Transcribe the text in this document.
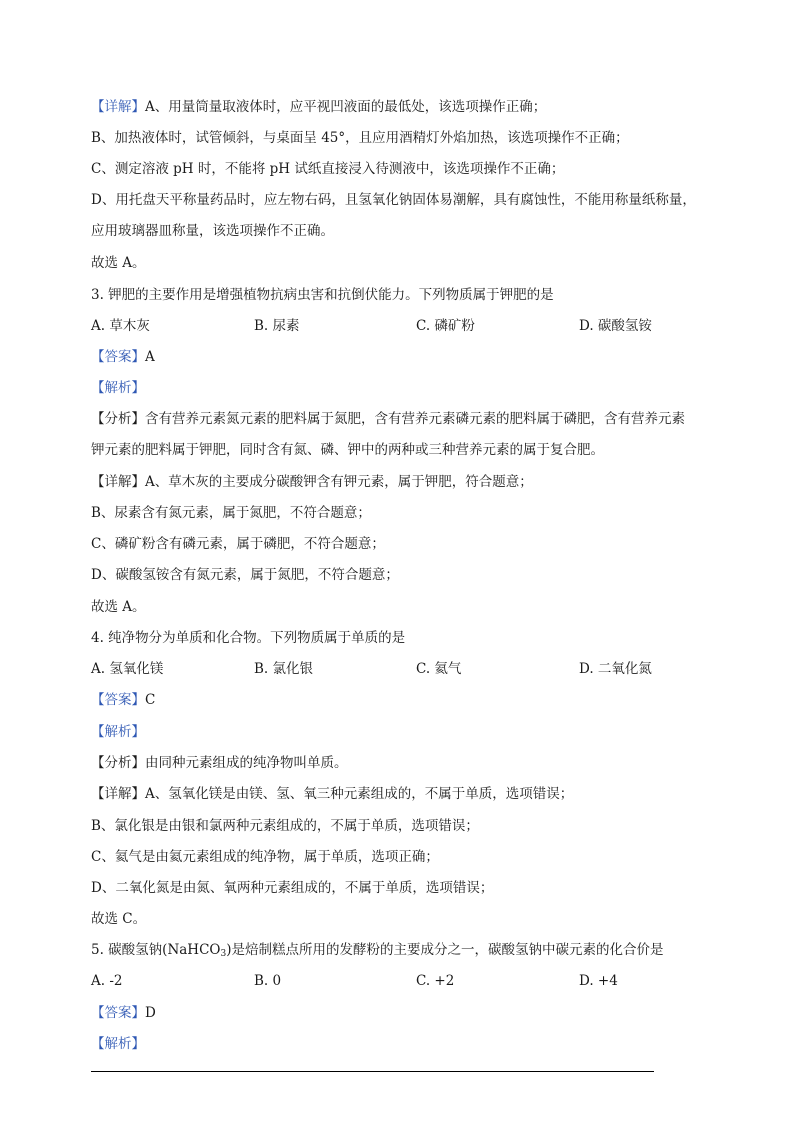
【详解】A、用量筒量取液体时，应平视凹液面的最低处，该选项操作正确；
B、加热液体时，试管倾斜，与桌面呈 45°，且应用酒精灯外焰加热，该选项操作不正确；
C、测定溶液 pH 时，不能将 pH 试纸直接浸入待测液中，该选项操作不正确；
D、用托盘天平称量药品时，应左物右码，且氢氧化钠固体易潮解，具有腐蚀性，不能用称量纸称量，
应用玻璃器皿称量，该选项操作不正确。
故选 A。
3. 钾肥的主要作用是增强植物抗病虫害和抗倒伏能力。下列物质属于钾肥的是
A. 草木灰	B. 尿素	C. 磷矿粉	D. 碳酸氢铵
【答案】A
【解析】
【分析】含有营养元素氮元素的肥料属于氮肥，含有营养元素磷元素的肥料属于磷肥，含有营养元素
钾元素的肥料属于钾肥，同时含有氮、磷、钾中的两种或三种营养元素的属于复合肥。
【详解】A、草木灰的主要成分碳酸钾含有钾元素，属于钾肥，符合题意；
B、尿素含有氮元素，属于氮肥，不符合题意；
C、磷矿粉含有磷元素，属于磷肥，不符合题意；
D、碳酸氢铵含有氮元素，属于氮肥，不符合题意；
故选 A。
4. 纯净物分为单质和化合物。下列物质属于单质的是
A. 氢氧化镁	B. 氯化银	C. 氦气	D. 二氧化氮
【答案】C
【解析】
【分析】由同种元素组成的纯净物叫单质。
【详解】A、氢氧化镁是由镁、氢、氧三种元素组成的，不属于单质，选项错误；
B、氯化银是由银和氯两种元素组成的，不属于单质，选项错误；
C、氦气是由氦元素组成的纯净物，属于单质，选项正确；
D、二氧化氮是由氮、氧两种元素组成的，不属于单质，选项错误；
故选 C。
5. 碳酸氢钠(NaHCO$_3$)是焙制糕点所用的发酵粉的主要成分之一，碳酸氢钠中碳元素的化合价是
A. -2	B. 0	C. +2	D. +4
【答案】D
【解析】
